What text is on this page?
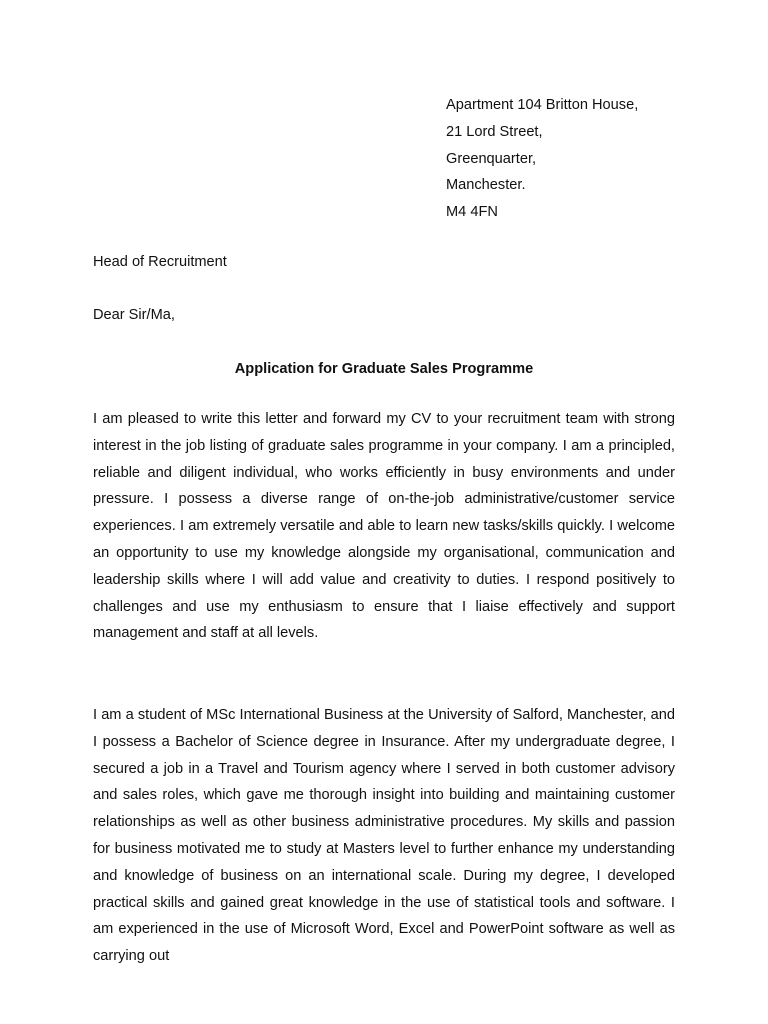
Apartment 104 Britton House,
21 Lord Street,
Greenquarter,
Manchester.
M4 4FN
Head of Recruitment
Dear Sir/Ma,
Application for Graduate Sales Programme

I am pleased to write this letter and forward my CV to your recruitment team with strong interest in the job listing of graduate sales programme in your company. I am a principled, reliable and diligent individual, who works efficiently in busy environments and under pressure. I possess a diverse range of on-the-job administrative/customer service experiences. I am extremely versatile and able to learn new tasks/skills quickly. I welcome an opportunity to use my knowledge alongside my organisational, communication and leadership skills where I will add value and creativity to duties. I respond positively to challenges and use my enthusiasm to ensure that I liaise effectively and support management and staff at all levels.

I am a student of MSc International Business at the University of Salford, Manchester, and I possess a Bachelor of Science degree in Insurance. After my undergraduate degree, I secured a job in a Travel and Tourism agency where I served in both customer advisory and sales roles, which gave me thorough insight into building and maintaining customer relationships as well as other business administrative procedures. My skills and passion for business motivated me to study at Masters level to further enhance my understanding and knowledge of business on an international scale. During my degree, I developed practical skills and gained great knowledge in the use of statistical tools and software. I am experienced in the use of Microsoft Word, Excel and PowerPoint software as well as carrying out
